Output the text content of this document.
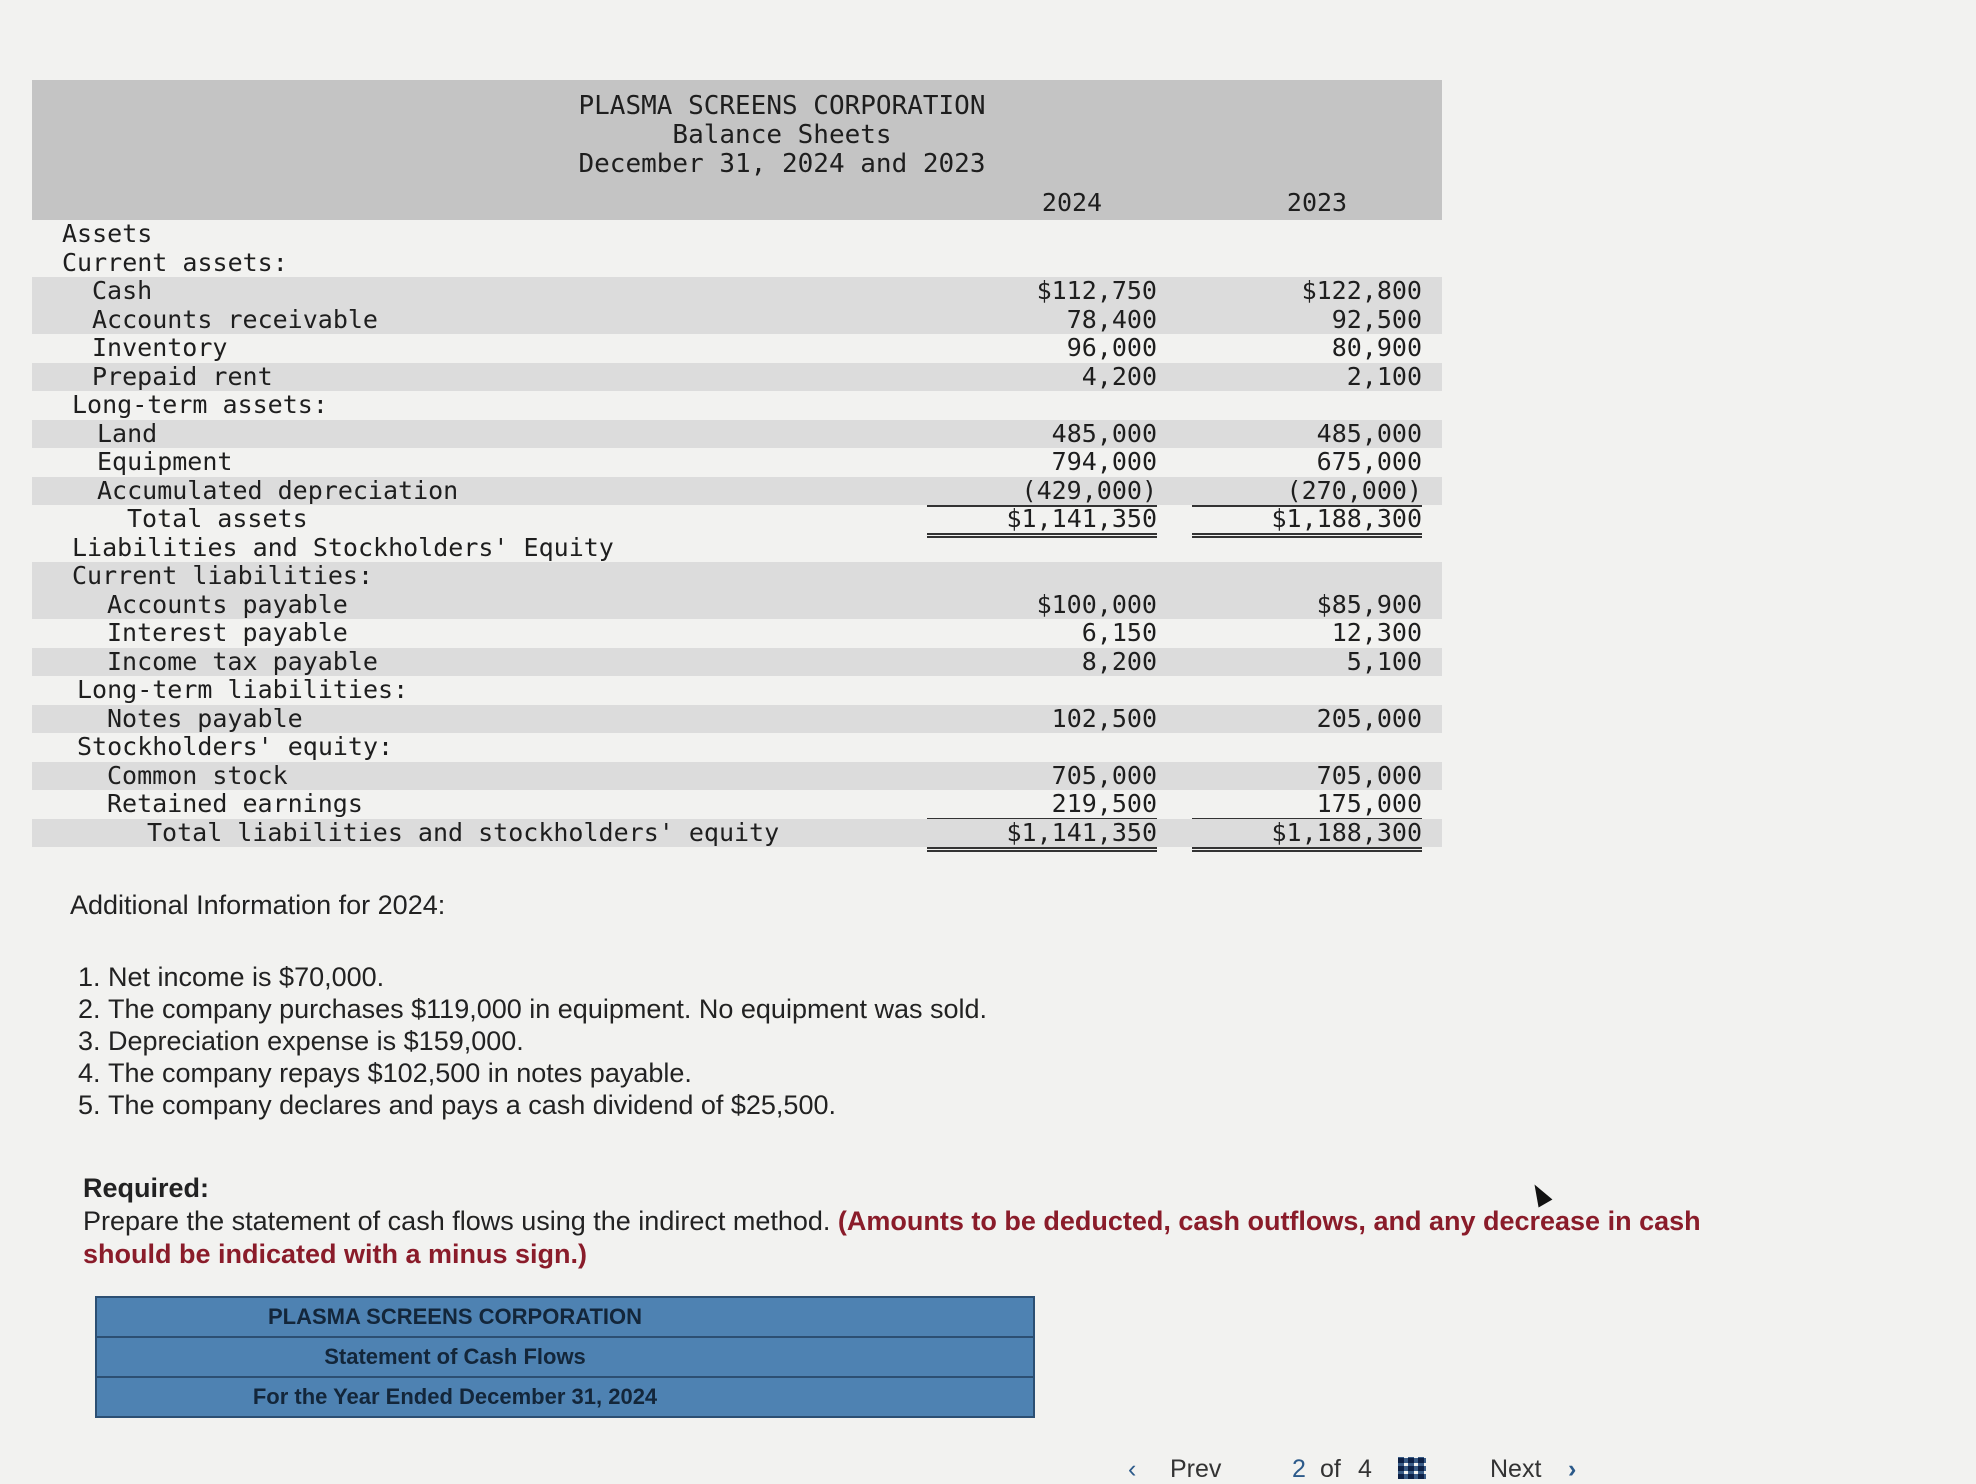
PLASMA SCREENS CORPORATION
Balance Sheets
December 31, 2024 and 2023
2024	2023
Assets
Current assets:
Cash	$112,750	$122,800
Accounts receivable	78,400	92,500
Inventory	96,000	80,900
Prepaid rent	4,200	2,100
Long-term assets:
Land	485,000	485,000
Equipment	794,000	675,000
Accumulated depreciation	(429,000)	(270,000)
Total assets	$1,141,350	$1,188,300
Liabilities and Stockholders' Equity
Current liabilities:
Accounts payable	$100,000	$85,900
Interest payable	6,150	12,300
Income tax payable	8,200	5,100
Long-term liabilities:
Notes payable	102,500	205,000
Stockholders' equity:
Common stock	705,000	705,000
Retained earnings	219,500	175,000
Total liabilities and stockholders' equity	$1,141,350	$1,188,300
Additional Information for 2024:
1. Net income is $70,000.
2. The company purchases $119,000 in equipment. No equipment was sold.
3. Depreciation expense is $159,000.
4. The company repays $102,500 in notes payable.
5. The company declares and pays a cash dividend of $25,500.
Required:
Prepare the statement of cash flows using the indirect method. (Amounts to be deducted, cash outflows, and any decrease in cash should be indicated with a minus sign.)
PLASMA SCREENS CORPORATION
Statement of Cash Flows
For the Year Ended December 31, 2024
‹ Prev	2 of 4	Next ›
